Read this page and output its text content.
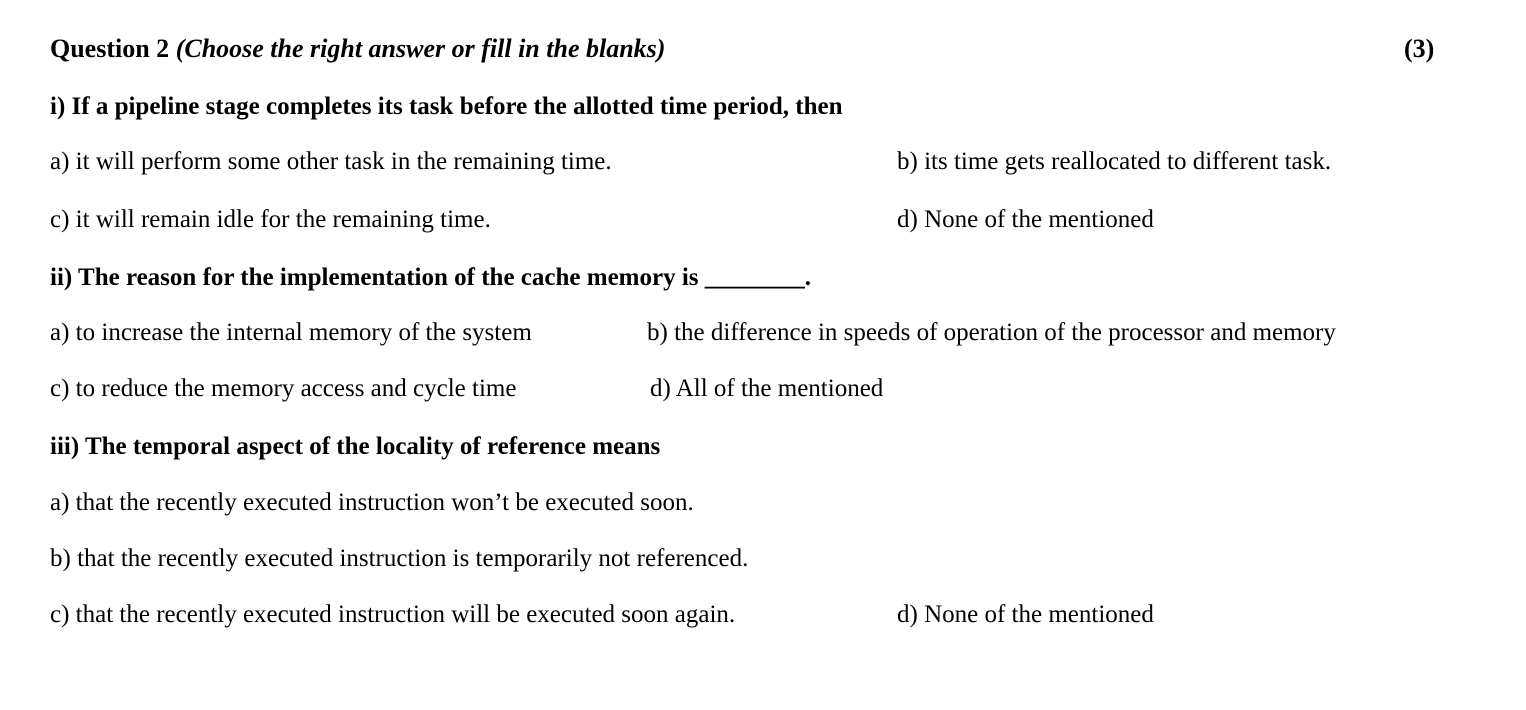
Question 2 (Choose the right answer or fill in the blanks)	(3)
i) If a pipeline stage completes its task before the allotted time period, then
a) it will perform some other task in the remaining time.	b) its time gets reallocated to different task.
c) it will remain idle for the remaining time.	d) None of the mentioned
ii) The reason for the implementation of the cache memory is ________.
a) to increase the internal memory of the system	b) the difference in speeds of operation of the processor and memory
c) to reduce the memory access and cycle time	d) All of the mentioned
iii) The temporal aspect of the locality of reference means
a) that the recently executed instruction won’t be executed soon.
b) that the recently executed instruction is temporarily not referenced.
c) that the recently executed instruction will be executed soon again.	d) None of the mentioned
